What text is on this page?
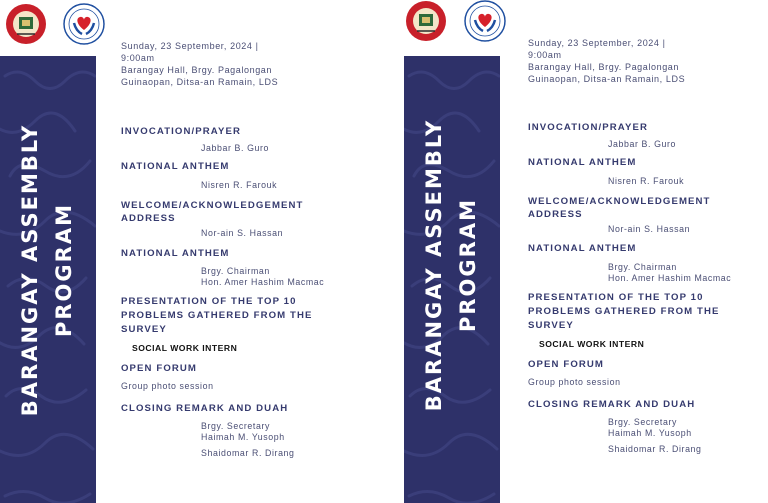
BARANGAY ASSEMBLY PROGRAM

Sunday, 23 September, 2024 |

9:00am

Barangay Hall, Brgy. Pagalongan

Guinaopan, Ditsa-an Ramain, LDS

INVOCATION/PRAYER

Jabbar B. Guro

NATIONAL ANTHEM

Nisren R. Farouk

WELCOME/ACKNOWLEDGEMENT

ADDRESS

Nor-ain S. Hassan

NATIONAL ANTHEM

Brgy. Chairman

Hon. Amer Hashim Macmac

PRESENTATION OF THE TOP 10

PROBLEMS GATHERED FROM THE

SURVEY

SOCIAL WORK INTERN

OPEN FORUM

Group photo session

CLOSING REMARK AND DUAH

Brgy. Secretary

Haimah M. Yusoph

Shaidomar R. Dirang

BARANGAY ASSEMBLY PROGRAM

Sunday, 23 September, 2024 |

9:00am

Barangay Hall, Brgy. Pagalongan

Guinaopan, Ditsa-an Ramain, LDS

INVOCATION/PRAYER

Jabbar B. Guro

NATIONAL ANTHEM

Nisren R. Farouk

WELCOME/ACKNOWLEDGEMENT

ADDRESS

Nor-ain S. Hassan

NATIONAL ANTHEM

Brgy. Chairman

Hon. Amer Hashim Macmac

PRESENTATION OF THE TOP 10

PROBLEMS GATHERED FROM THE

SURVEY

SOCIAL WORK INTERN

OPEN FORUM

Group photo session

CLOSING REMARK AND DUAH

Brgy. Secretary

Haimah M. Yusoph

Shaidomar R. Dirang
